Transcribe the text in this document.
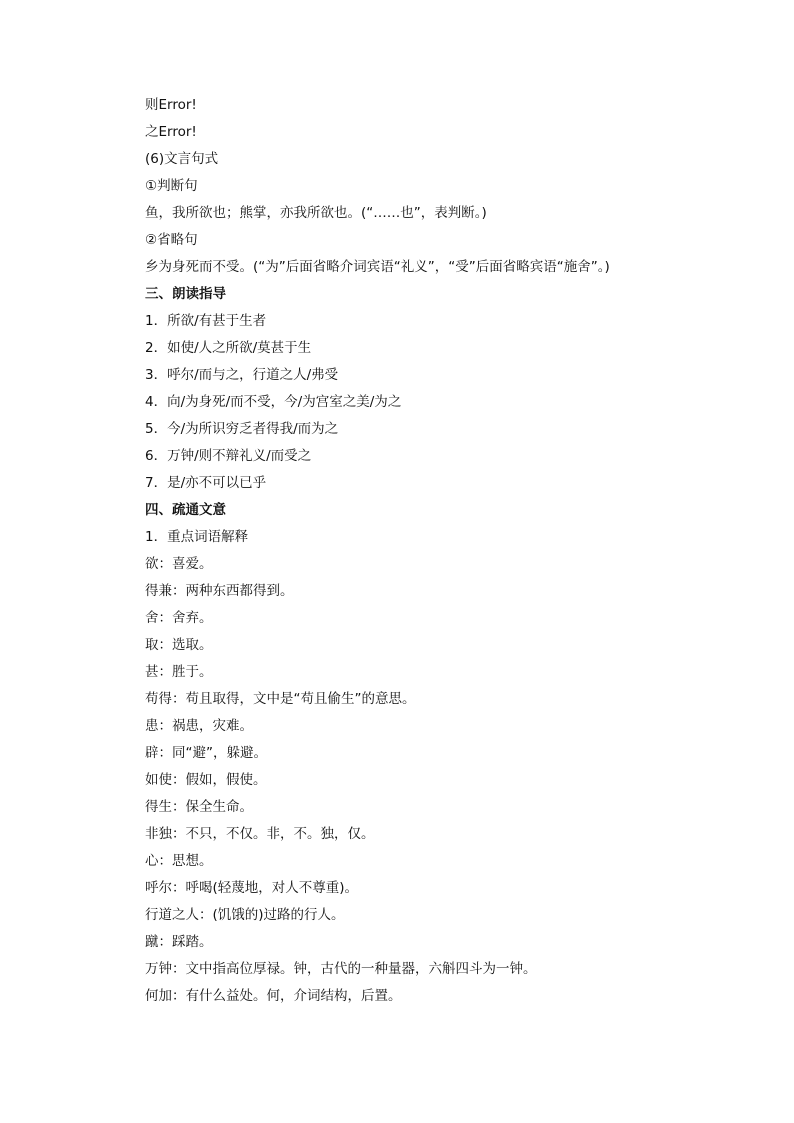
则Error!
之Error!
(6)文言句式
①判断句
鱼，我所欲也；熊掌，亦我所欲也。(“……也”，表判断。)
②省略句
乡为身死而不受。(“为”后面省略介词宾语“礼义”，“受”后面省略宾语“施舍”。)
三、朗读指导
1．所欲/有甚于生者
2．如使/人之所欲/莫甚于生
3．呼尔/而与之，行道之人/弗受
4．向/为身死/而不受，今/为宫室之美/为之
5．今/为所识穷乏者得我/而为之
6．万钟/则不辩礼义/而受之
7．是/亦不可以已乎
四、疏通文意
1．重点词语解释
欲：喜爱。
得兼：两种东西都得到。
舍：舍弃。
取：选取。
甚：胜于。
苟得：苟且取得，文中是“苟且偷生”的意思。
患：祸患，灾难。
辟：同“避”，躲避。
如使：假如，假使。
得生：保全生命。
非独：不只，不仅。非，不。独，仅。
心：思想。
呼尔：呼喝(轻蔑地，对人不尊重)。
行道之人：(饥饿的)过路的行人。
蹴：踩踏。
万钟：文中指高位厚禄。钟，古代的一种量器，六斛四斗为一钟。
何加：有什么益处。何，介词结构，后置。
